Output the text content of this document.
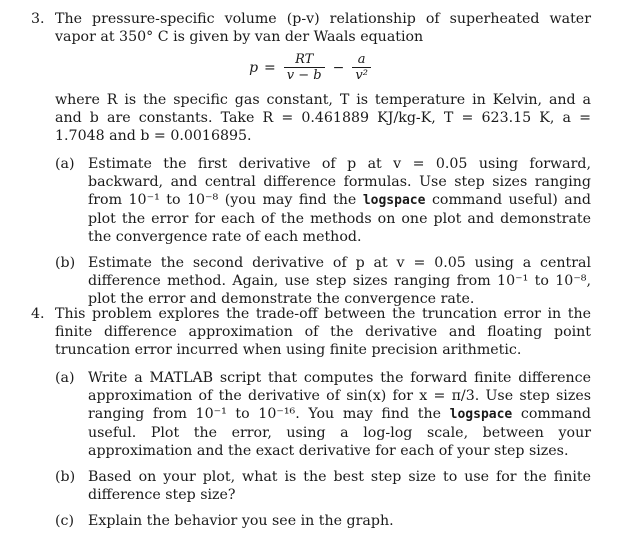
3. The pressure-specific volume (p-v) relationship of superheated water vapor at 350° C is given by van der Waals equation
$p = \frac{RT}{v - b} - \frac{a}{\text{v²}}$
where R is the specific gas constant, T is temperature in Kelvin, and a and b are constants. Take R = 0.461889 KJ/kg-K, T = 623.15 K, a = 1.7048 and b = 0.0016895.
(a) Estimate the first derivative of p at v = 0.05 using forward, backward, and central difference formulas. Use step sizes ranging from 10⁻¹ to 10⁻⁸ (you may find the logspace command useful) and plot the error for each of the methods on one plot and demonstrate the convergence rate of each method.
(b) Estimate the second derivative of p at v = 0.05 using a central difference method. Again, use step sizes ranging from 10⁻¹ to 10⁻⁸, plot the error and demonstrate the convergence rate.
4. This problem explores the trade-off between the truncation error in the finite difference approximation of the derivative and floating point truncation error incurred when using finite precision arithmetic.
(a) Write a MATLAB script that computes the forward finite difference approximation of the derivative of sin(x) for x = π/3. Use step sizes ranging from 10⁻¹ to 10⁻¹⁶. You may find the logspace command useful. Plot the error, using a log-log scale, between your approximation and the exact derivative for each of your step sizes.
(b) Based on your plot, what is the best step size to use for the finite difference step size?
(c) Explain the behavior you see in the graph.
